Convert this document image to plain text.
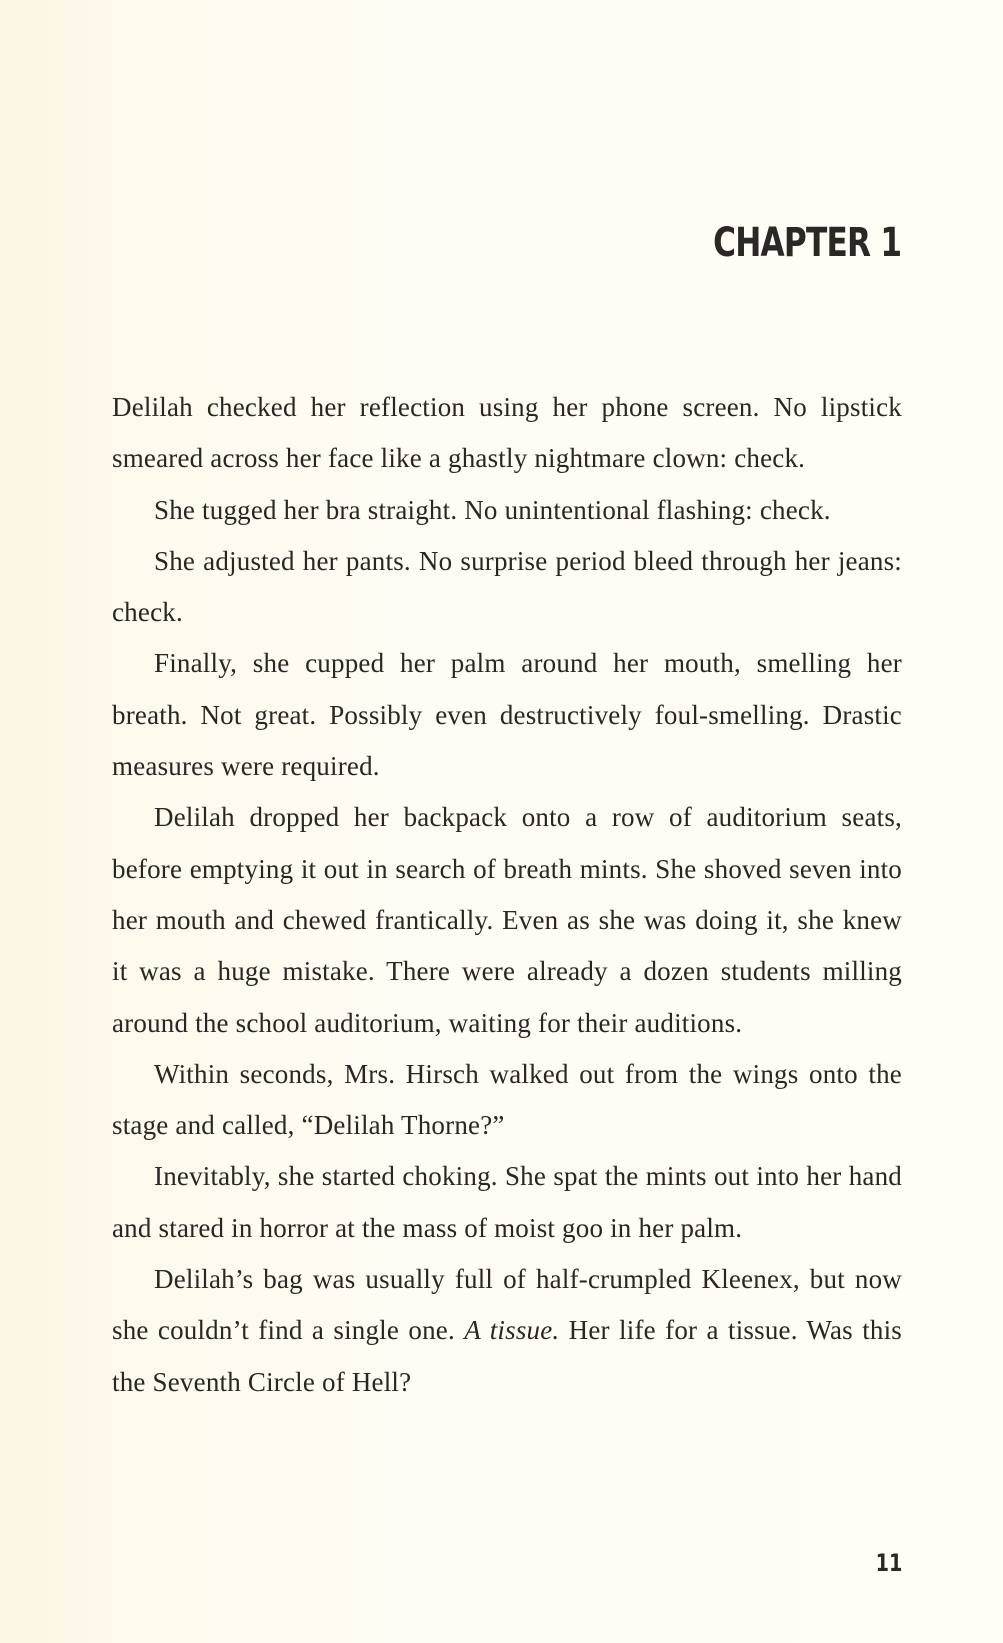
CHAPTER 1

Delilah checked her reflection using her phone screen. No lipstick smeared across her face like a ghastly nightmare clown: check.

She tugged her bra straight. No unintentional flashing: check.

She adjusted her pants. No surprise period bleed through her jeans: check.

Finally, she cupped her palm around her mouth, smelling her breath. Not great. Possibly even destructively foul-smelling. Drastic measures were required.

Delilah dropped her backpack onto a row of auditorium seats, before emptying it out in search of breath mints. She shoved seven into her mouth and chewed frantically. Even as she was doing it, she knew it was a huge mistake. There were already a dozen students milling around the school auditorium, waiting for their auditions.

Within seconds, Mrs. Hirsch walked out from the wings onto the stage and called, “Delilah Thorne?”

Inevitably, she started choking. She spat the mints out into her hand and stared in horror at the mass of moist goo in her palm.

Delilah’s bag was usually full of half-crumpled Kleenex, but now she couldn’t find a single one. A tissue. Her life for a tissue. Was this the Seventh Circle of Hell?

11
